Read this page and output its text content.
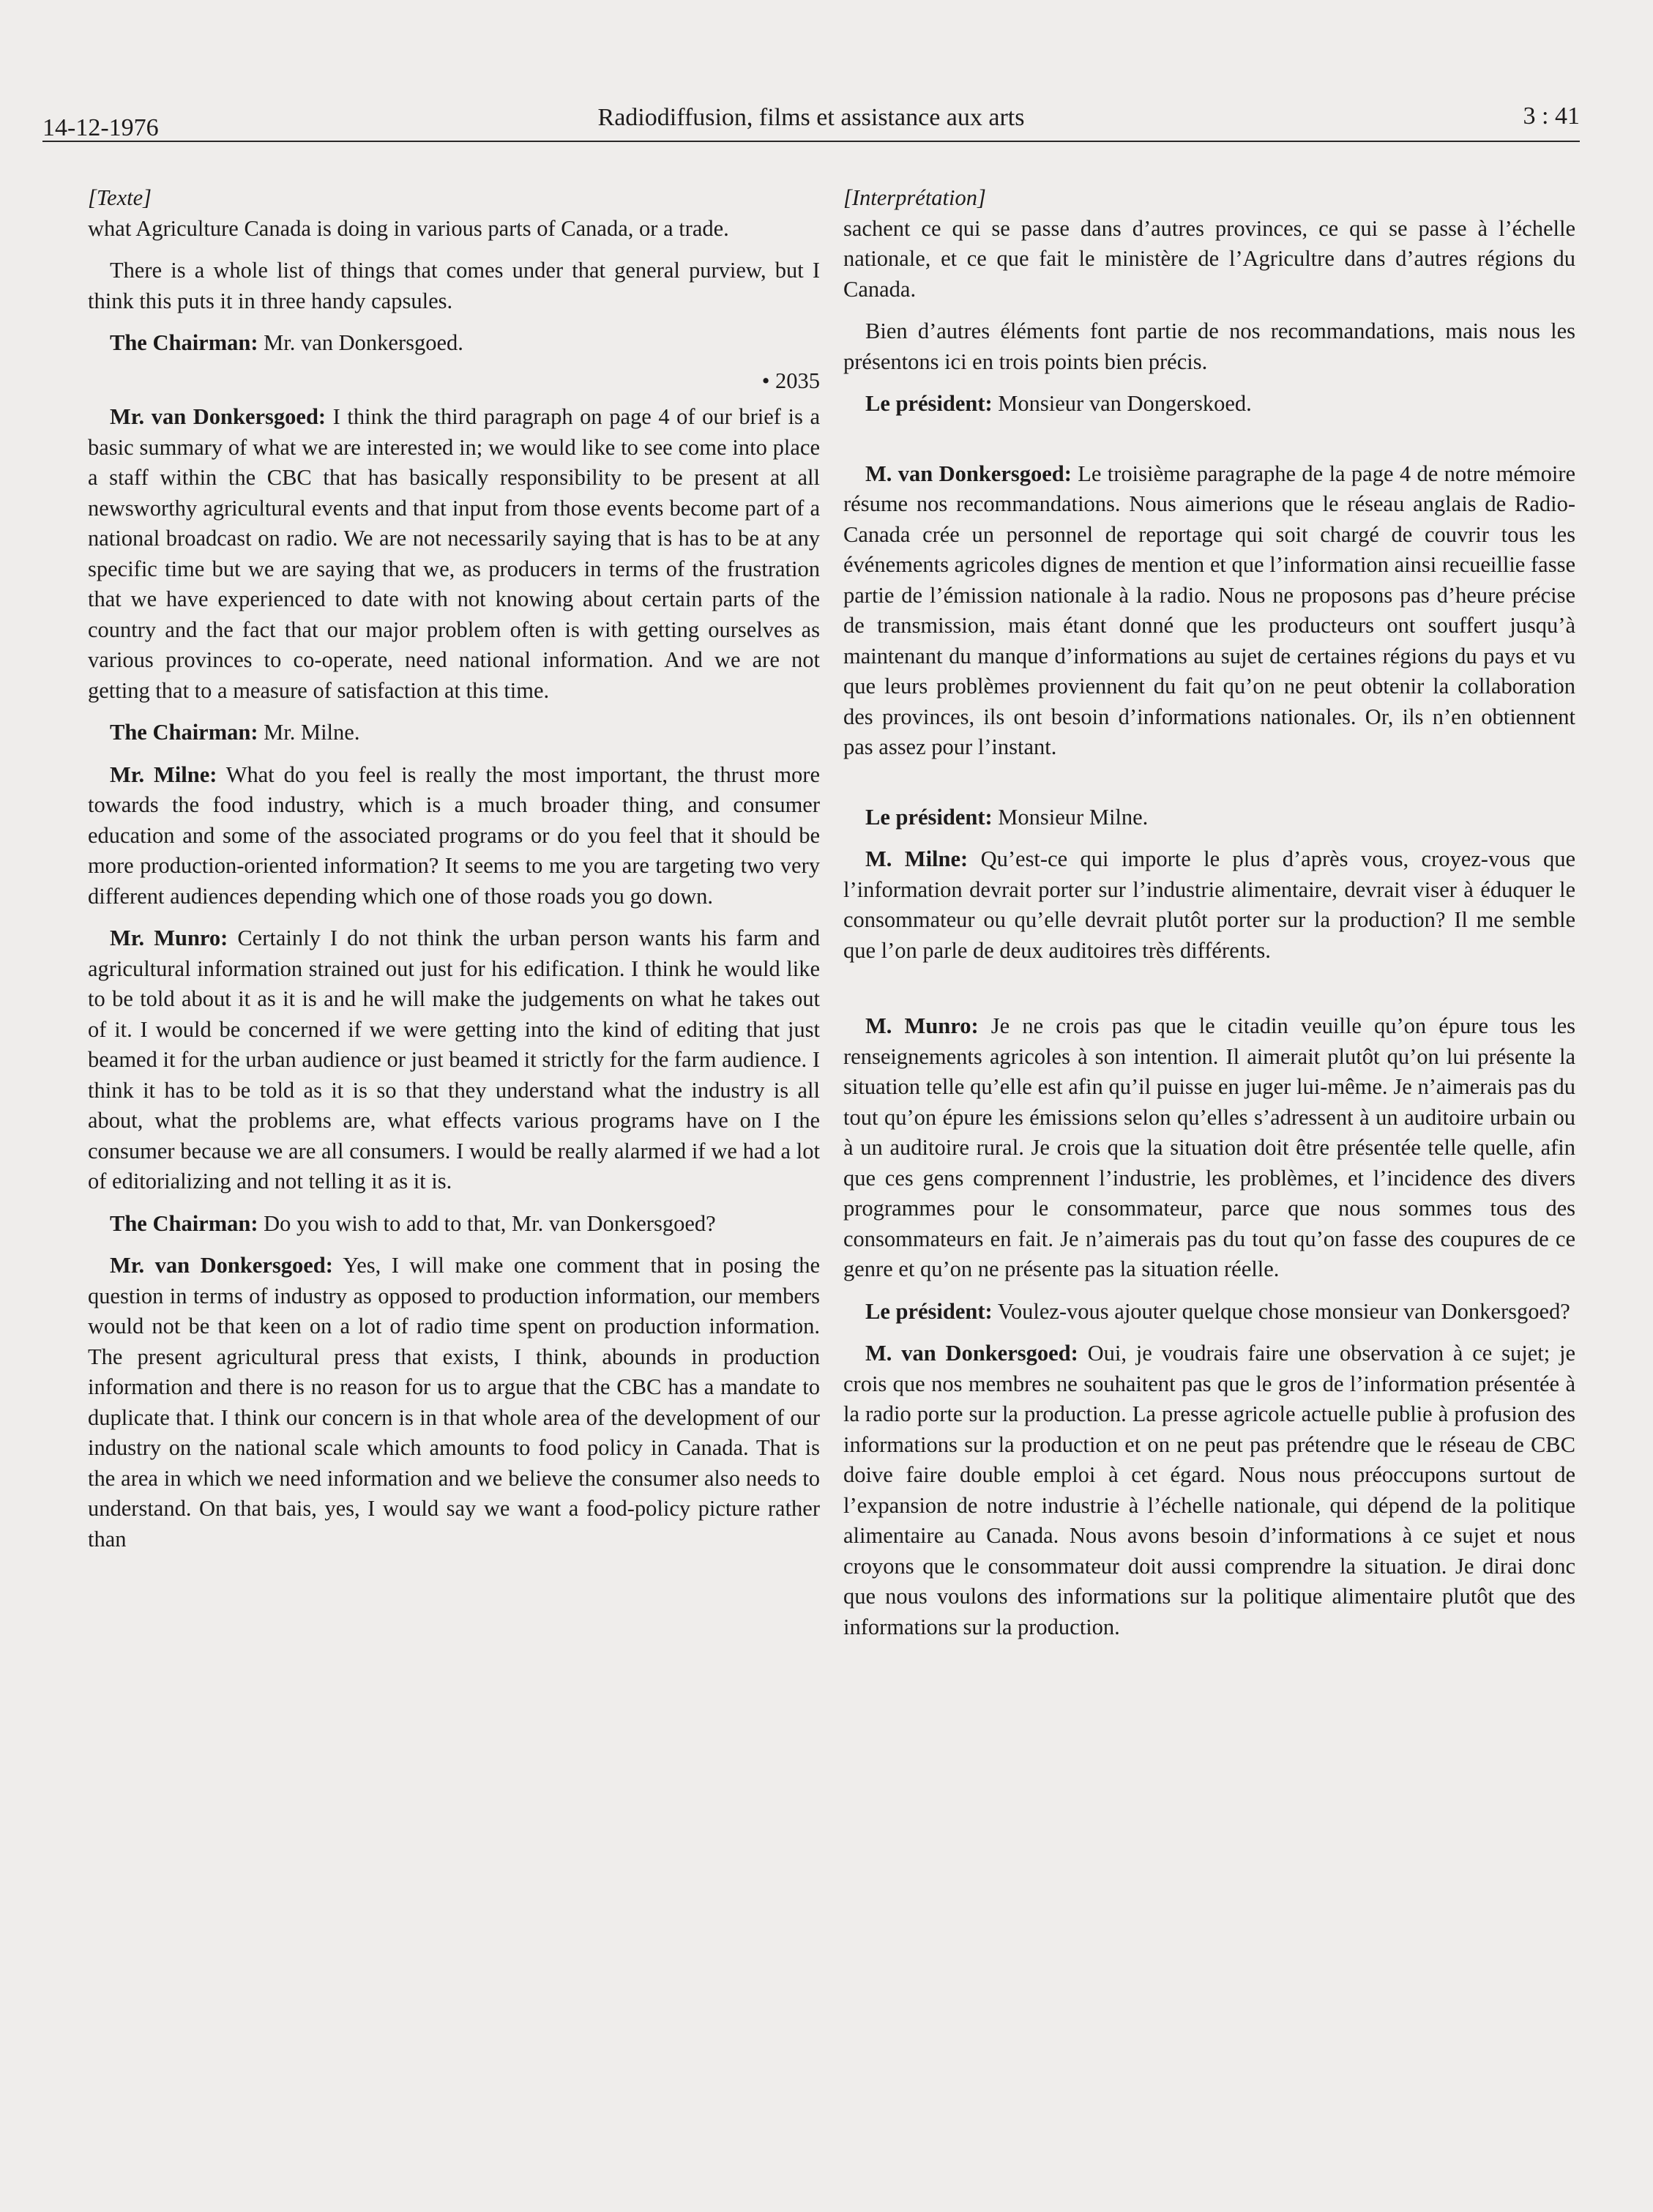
14-12-1976	Radiodiffusion, films et assistance aux arts	3 : 41

[Texte]

what Agriculture Canada is doing in various parts of Canada, or a trade.

There is a whole list of things that comes under that general purview, but I think this puts it in three handy capsules.

The Chairman: Mr. van Donkersgoed.

• 2035

Mr. van Donkersgoed: I think the third paragraph on page 4 of our brief is a basic summary of what we are interested in; we would like to see come into place a staff within the CBC that has basically responsibility to be present at all newsworthy agricultural events and that input from those events become part of a national broadcast on radio. We are not necessarily saying that is has to be at any specific time but we are saying that we, as producers in terms of the frustration that we have experienced to date with not knowing about certain parts of the country and the fact that our major problem often is with getting ourselves as various provinces to co-operate, need national information. And we are not getting that to a measure of satisfaction at this time.

The Chairman: Mr. Milne.

Mr. Milne: What do you feel is really the most important, the thrust more towards the food industry, which is a much broader thing, and consumer education and some of the associated programs or do you feel that it should be more production-oriented information? It seems to me you are targeting two very different audiences depending which one of those roads you go down.

Mr. Munro: Certainly I do not think the urban person wants his farm and agricultural information strained out just for his edification. I think he would like to be told about it as it is and he will make the judgements on what he takes out of it. I would be concerned if we were getting into the kind of editing that just beamed it for the urban audience or just beamed it strictly for the farm audience. I think it has to be told as it is so that they understand what the industry is all about, what the problems are, what effects various programs have on I the consumer because we are all consumers. I would be really alarmed if we had a lot of editorializing and not telling it as it is.

The Chairman: Do you wish to add to that, Mr. van Donkersgoed?

Mr. van Donkersgoed: Yes, I will make one comment that in posing the question in terms of industry as opposed to production information, our members would not be that keen on a lot of radio time spent on production information. The present agricultural press that exists, I think, abounds in production information and there is no reason for us to argue that the CBC has a mandate to duplicate that. I think our concern is in that whole area of the development of our industry on the national scale which amounts to food policy in Canada. That is the area in which we need information and we believe the consumer also needs to understand. On that bais, yes, I would say we want a food-policy picture rather than

[Interprétation]

sachent ce qui se passe dans d’autres provinces, ce qui se passe à l’échelle nationale, et ce que fait le ministère de l’Agricultre dans d’autres régions du Canada.

Bien d’autres éléments font partie de nos recommandations, mais nous les présentons ici en trois points bien précis.

Le président: Monsieur van Dongerskoed.

M. van Donkersgoed: Le troisième paragraphe de la page 4 de notre mémoire résume nos recommandations. Nous aimerions que le réseau anglais de Radio-Canada crée un personnel de reportage qui soit chargé de couvrir tous les événements agricoles dignes de mention et que l’information ainsi recueillie fasse partie de l’émission nationale à la radio. Nous ne proposons pas d’heure précise de transmission, mais étant donné que les producteurs ont souffert jusqu’à maintenant du manque d’informations au sujet de certaines régions du pays et vu que leurs problèmes proviennent du fait qu’on ne peut obtenir la collaboration des provinces, ils ont besoin d’informations nationales. Or, ils n’en obtiennent pas assez pour l’instant.

Le président: Monsieur Milne.

M. Milne: Qu’est-ce qui importe le plus d’après vous, croyez-vous que l’information devrait porter sur l’industrie alimentaire, devrait viser à éduquer le consommateur ou qu’elle devrait plutôt porter sur la production? Il me semble que l’on parle de deux auditoires très différents.

M. Munro: Je ne crois pas que le citadin veuille qu’on épure tous les renseignements agricoles à son intention. Il aimerait plutôt qu’on lui présente la situation telle qu’elle est afin qu’il puisse en juger lui-même. Je n’aimerais pas du tout qu’on épure les émissions selon qu’elles s’adressent à un auditoire urbain ou à un auditoire rural. Je crois que la situation doit être présentée telle quelle, afin que ces gens comprennent l’industrie, les problèmes, et l’incidence des divers programmes pour le consommateur, parce que nous sommes tous des consommateurs en fait. Je n’aimerais pas du tout qu’on fasse des coupures de ce genre et qu’on ne présente pas la situation réelle.

Le président: Voulez-vous ajouter quelque chose monsieur van Donkersgoed?

M. van Donkersgoed: Oui, je voudrais faire une observation à ce sujet; je crois que nos membres ne souhaitent pas que le gros de l’information présentée à la radio porte sur la production. La presse agricole actuelle publie à profusion des informations sur la production et on ne peut pas prétendre que le réseau de CBC doive faire double emploi à cet égard. Nous nous préoccupons surtout de l’expansion de notre industrie à l’échelle nationale, qui dépend de la politique alimentaire au Canada. Nous avons besoin d’informations à ce sujet et nous croyons que le consommateur doit aussi comprendre la situation. Je dirai donc que nous voulons des informations sur la politique alimentaire plutôt que des informations sur la production.
